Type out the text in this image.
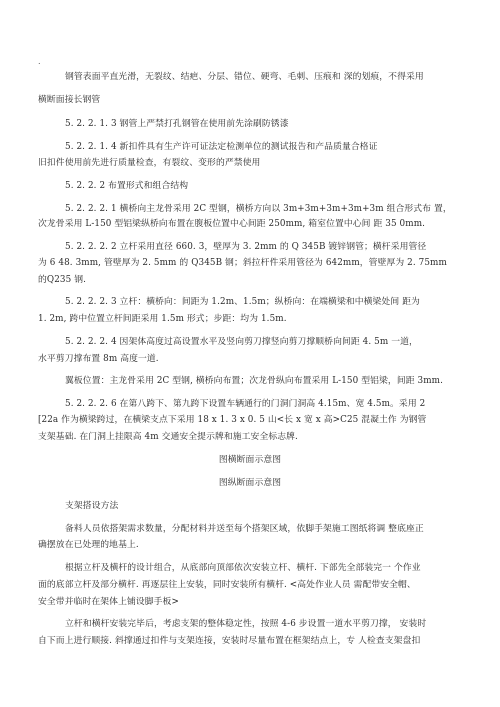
.
钢管表面平直光滑，无裂纹、结疤、分层、错位、硬弯、毛刺、压痕和 深的划痕，不得采用
横断面接长钢管
5. 2. 2. 1. 3 钢管上严禁打孔钢管在使用前先涂刷防锈漆
5. 2. 2. 1. 4 新扣件具有生产许可证法定检测单位的测试报告和产品质量合格证
旧扣件使用前先进行质量检查，有裂纹、变形的严禁使用
5. 2. 2. 2 布置形式和组合结构
5. 2. 2. 2. 1 横桥向主龙骨采用 2C 型钢，横桥方向以 3m+3m+3m+3m+3m 组合形式布 置，
次龙骨采用 L-150 型铝梁纵桥向布置在腹板位置中心间距 250mm, 箱室位置中心间 距 35 0mm.
5. 2. 2. 2. 2 立杆采用直径 660. 3，壁厚为 3. 2mm 的 Q 345B 镀锌钢管；横杆采用管径
为 6 48. 3mm, 管壁厚为 2. 5mm 的 Q345B 钢；斜拉杆件采用管径为 642mm，管壁厚为 2. 75mm
的Q235 钢.
5. 2. 2. 2. 3 立杆：横桥向：间距为 1.2m、1.5m；纵桥向：在端横梁和中横梁处间 距为
1. 2m, 跨中位置立杆间距采用 1.5m 形式；步距：均为 1.5m.
5. 2. 2. 2. 4 因架体高度过高设置水平及竖向剪刀撑竖向剪刀撑顺桥向间距 4. 5m 一道，
水平剪刀撑布置 8m 高度一道.
翼板位置：主龙骨采用 2C 型钢, 横桥向布置；次龙骨纵向布置采用 L-150 型铝梁，间距 3mm.
5. 2. 2. 2. 6 在第八跨下、第九跨下设置车辆通行的门洞门洞高 4.15m、宽 4.5m。采用 2
[22a 作为横梁跨过，在横梁支点下采用 18 x 1. 3 x 0. 5 山<长 x 宽 x 高>C25 混凝土作 为钢管
支架基础. 在门洞上挂限高 4m 交通安全提示牌和施工安全标志牌.
图横断面示意图
图纵断面示意图
支架搭设方法
备料人员依搭架需求数量，分配材料并送至每个搭架区域，依脚手架施工图纸将调 整底座正
确摆放在已处理的地基上.
根据立杆及横杆的设计组合，从底部向顶部依次安装立杆、横杆. 下部先全部装完一 个作业
面的底部立杆及部分横杆. 再逐层往上安装，同时安装所有横杆. <高处作业人员 需配带安全帽、
安全带并临时在架体上铺设脚手板>
立杆和横杆安装完毕后，考虑支架的整体稳定性，按照 4-6 步设置一道水平剪刀撑， 安装时
自下而上进行顺接. 斜撑通过扣件与支架连接，安装时尽量布置在框架结点上，专 人检查支架盘扣
